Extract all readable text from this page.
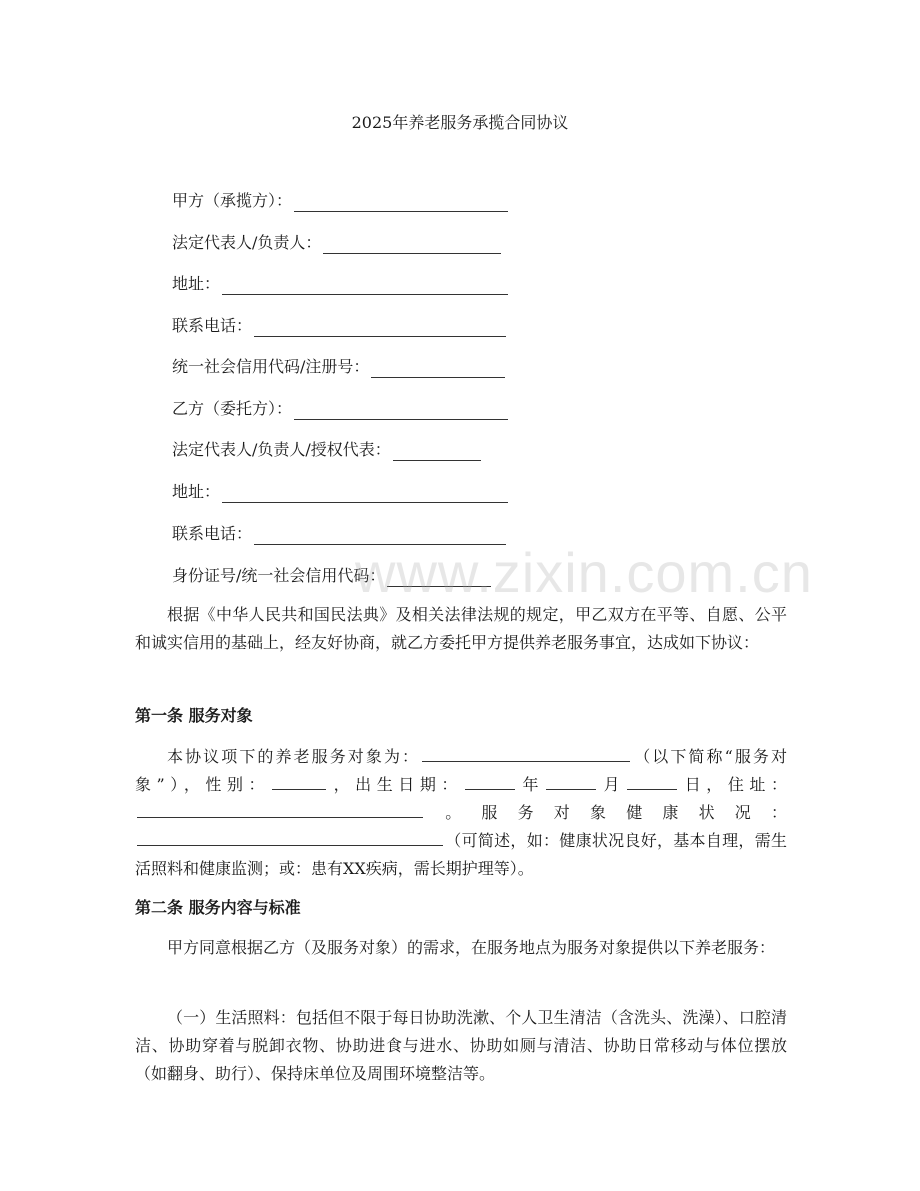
2025年养老服务承揽合同协议
甲方（承揽方）：
法定代表人/负责人：
地址：
联系电话：
统一社会信用代码/注册号：
乙方（委托方）：
法定代表人/负责人/授权代表：
地址：
联系电话：
身份证号/统一社会信用代码：
根据《中华人民共和国民法典》及相关法律法规的规定，甲乙双方在平等、自愿、公平和诚实信用的基础上，经友好协商，就乙方委托甲方提供养老服务事宜，达成如下协议：
第一条 服务对象
本协议项下的养老服务对象为：	（以下简称“服务对象”），性别：	，出生日期：	年	月	日，住址：。服务对象健康状况：（可简述，如：健康状况良好，基本自理，需生活照料和健康监测；或：患有XX疾病，需长期护理等）。
第二条 服务内容与标准
甲方同意根据乙方（及服务对象）的需求，在服务地点为服务对象提供以下养老服务：
（一）生活照料：包括但不限于每日协助洗漱、个人卫生清洁（含洗头、洗澡）、口腔清洁、协助穿着与脱卸衣物、协助进食与进水、协助如厕与清洁、协助日常移动与体位摆放（如翻身、助行）、保持床单位及周围环境整洁等。
www.zixin.com.cn
